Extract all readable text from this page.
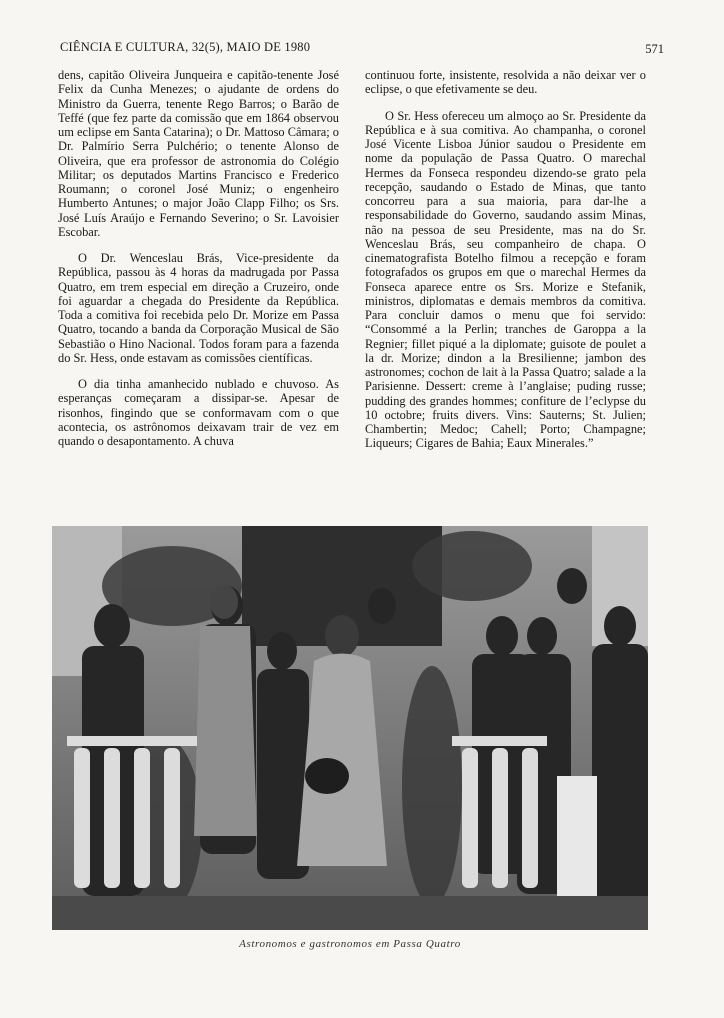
CIÊNCIA E CULTURA, 32(5), MAIO DE 1980	571

dens, capitão Oliveira Junqueira e capitão-tenente José Felix da Cunha Menezes; o ajudante de ordens do Ministro da Guerra, tenente Rego Barros; o Barão de Teffé (que fez parte da comissão que em 1864 observou um eclipse em Santa Catarina); o Dr. Mattoso Câmara; o Dr. Palmírio Serra Pulchério; o tenente Alonso de Oliveira, que era professor de astronomia do Colégio Militar; os deputados Martins Francisco e Frederico Roumann; o coronel José Muniz; o engenheiro Humberto Antunes; o major João Clapp Filho; os Srs. José Luís Araújo e Fernando Severino; o Sr. Lavoisier Escobar.

O Dr. Wenceslau Brás, Vice-presidente da República, passou às 4 horas da madrugada por Passa Quatro, em trem especial em direção a Cruzeiro, onde foi aguardar a chegada do Presidente da República. Toda a comitiva foi recebida pelo Dr. Morize em Passa Quatro, tocando a banda da Corporação Musical de São Sebastião o Hino Nacional. Todos foram para a fazenda do Sr. Hess, onde estavam as comissões científicas.

O dia tinha amanhecido nublado e chuvoso. As esperanças começaram a dissipar-se. Apesar de risonhos, fingindo que se conformavam com o que acontecia, os astrônomos deixavam trair de vez em quando o desapontamento. A chuva

continuou forte, insistente, resolvida a não deixar ver o eclipse, o que efetivamente se deu.

O Sr. Hess ofereceu um almoço ao Sr. Presidente da República e à sua comitiva. Ao champanha, o coronel José Vicente Lisboa Júnior saudou o Presidente em nome da população de Passa Quatro. O marechal Hermes da Fonseca respondeu dizendo-se grato pela recepção, saudando o Estado de Minas, que tanto concorreu para a sua maioria, para dar-lhe a responsabilidade do Governo, saudando assim Minas, não na pessoa de seu Presidente, mas na do Sr. Wenceslau Brás, seu companheiro de chapa. O cinematografista Botelho filmou a recepção e foram fotografados os grupos em que o marechal Hermes da Fonseca aparece entre os Srs. Morize e Stefanik, ministros, diplomatas e demais membros da comitiva. Para concluir damos o menu que foi servido: “Consommé a la Perlin; tranches de Garoppa a la Regnier; fillet piqué a la diplomate; guisote de poulet a la dr. Morize; dindon a la Bresilienne; jambon des astronomes; cochon de lait à la Passa Quatro; salade a la Parisienne. Dessert: creme à l’anglaise; puding russe; pudding des grandes hommes; confiture de l’eclypse du 10 octobre; fruits divers. Vins: Sauterns; St. Julien; Chambertin; Medoc; Cahell; Porto; Champagne; Liqueurs; Cigares de Bahia; Eaux Minerales.”

Astronomos e gastronomos em Passa Quatro
